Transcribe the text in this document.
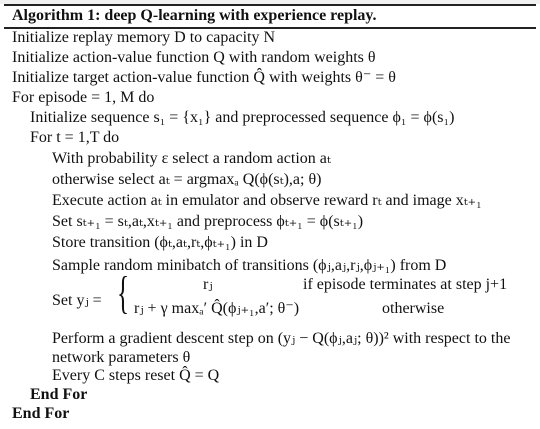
Algorithm 1: deep Q-learning with experience replay.
Initialize replay memory D to capacity N
Initialize action-value function Q with random weights θ
Initialize target action-value function Q̂ with weights θ⁻ = θ
For episode = 1, M do
Initialize sequence s₁ = {x₁} and preprocessed sequence ϕ₁ = ϕ(s₁)
For t = 1,T do
With probability ε select a random action aₜ
otherwise select aₜ = argmaxₐ Q(ϕ(sₜ),a; θ)
Execute action aₜ in emulator and observe reward rₜ and image xₜ₊₁
Set sₜ₊₁ = sₜ,aₜ,xₜ₊₁ and preprocess ϕₜ₊₁ = ϕ(sₜ₊₁)
Store transition (ϕₜ,aₜ,rₜ,ϕₜ₊₁) in D
Sample random minibatch of transitions (ϕⱼ,aⱼ,rⱼ,ϕⱼ₊₁) from D
Set yⱼ = {	rⱼ	if episode terminates at step j+1
rⱼ + γ maxₐ′ Q̂(ϕⱼ₊₁,a′; θ⁻)	otherwise
Perform a gradient descent step on (yⱼ − Q(ϕⱼ,aⱼ; θ))² with respect to the
network parameters θ
Every C steps reset Q̂ = Q
End For
End For
